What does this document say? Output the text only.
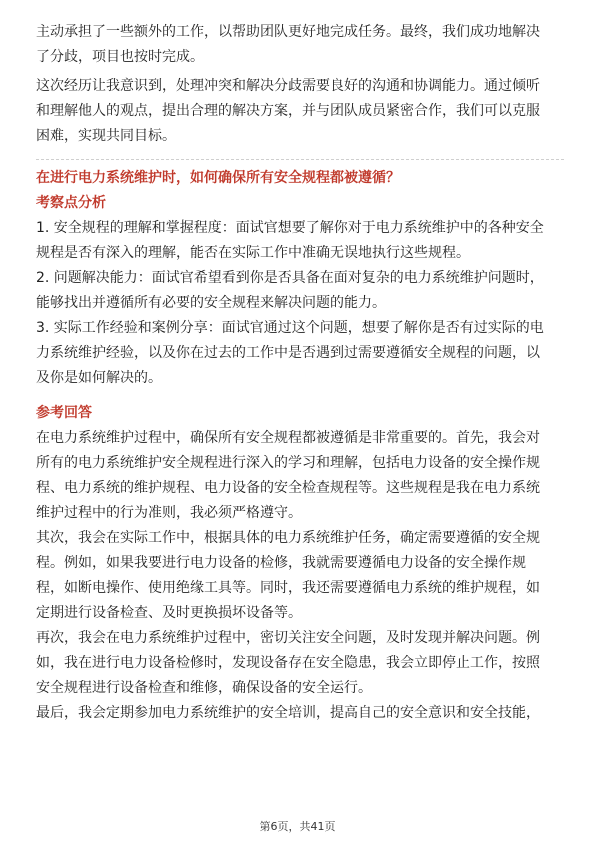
主动承担了一些额外的工作，以帮助团队更好地完成任务。最终，我们成功地解决
了分歧，项目也按时完成。

这次经历让我意识到，处理冲突和解决分歧需要良好的沟通和协调能力。通过倾听
和理解他人的观点，提出合理的解决方案，并与团队成员紧密合作，我们可以克服
困难，实现共同目标。

在进行电力系统维护时，如何确保所有安全规程都被遵循？

考察点分析

1. 安全规程的理解和掌握程度：面试官想要了解你对于电力系统维护中的各种安全
规程是否有深入的理解，能否在实际工作中准确无误地执行这些规程。

2. 问题解决能力：面试官希望看到你是否具备在面对复杂的电力系统维护问题时，
能够找出并遵循所有必要的安全规程来解决问题的能力。

3. 实际工作经验和案例分享：面试官通过这个问题，想要了解你是否有过实际的电
力系统维护经验，以及你在过去的工作中是否遇到过需要遵循安全规程的问题，以
及你是如何解决的。

参考回答

在电力系统维护过程中，确保所有安全规程都被遵循是非常重要的。首先，我会对
所有的电力系统维护安全规程进行深入的学习和理解，包括电力设备的安全操作规
程、电力系统的维护规程、电力设备的安全检查规程等。这些规程是我在电力系统
维护过程中的行为准则，我必须严格遵守。

其次，我会在实际工作中，根据具体的电力系统维护任务，确定需要遵循的安全规
程。例如，如果我要进行电力设备的检修，我就需要遵循电力设备的安全操作规
程，如断电操作、使用绝缘工具等。同时，我还需要遵循电力系统的维护规程，如
定期进行设备检查、及时更换损坏设备等。

再次，我会在电力系统维护过程中，密切关注安全问题，及时发现并解决问题。例
如，我在进行电力设备检修时，发现设备存在安全隐患，我会立即停止工作，按照
安全规程进行设备检查和维修，确保设备的安全运行。

最后，我会定期参加电力系统维护的安全培训，提高自己的安全意识和安全技能，

第6页，共41页
